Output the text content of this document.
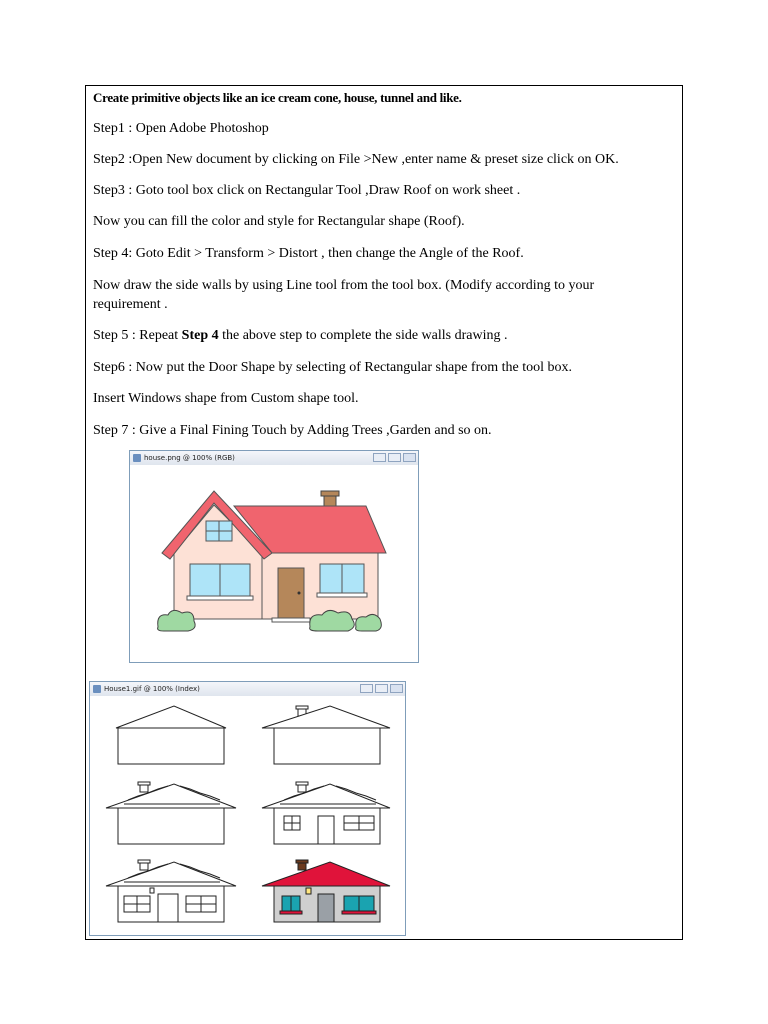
Create primitive objects like an ice cream cone, house, tunnel and like.
Step1 : Open Adobe Photoshop
Step2 :Open New document by clicking on File >New ,enter name & preset size click on OK.
Step3 : Goto tool box click on Rectangular Tool ,Draw Roof on work sheet .
Now you can fill the color and style for Rectangular shape (Roof).
Step 4: Goto Edit > Transform > Distort , then change the Angle of the Roof.
Now draw the side walls by using Line tool from the tool box. (Modify according to your
requirement .
Step 5 : Repeat Step 4 the above step to complete the side walls drawing .
Step6 : Now put the Door Shape by selecting of Rectangular shape from the tool box.
Insert Windows shape from Custom shape tool.
Step 7 : Give a Final Fining Touch by Adding Trees ,Garden and so on.
house.png @ 100% (RGB)
House1.gif @ 100% (Index)
